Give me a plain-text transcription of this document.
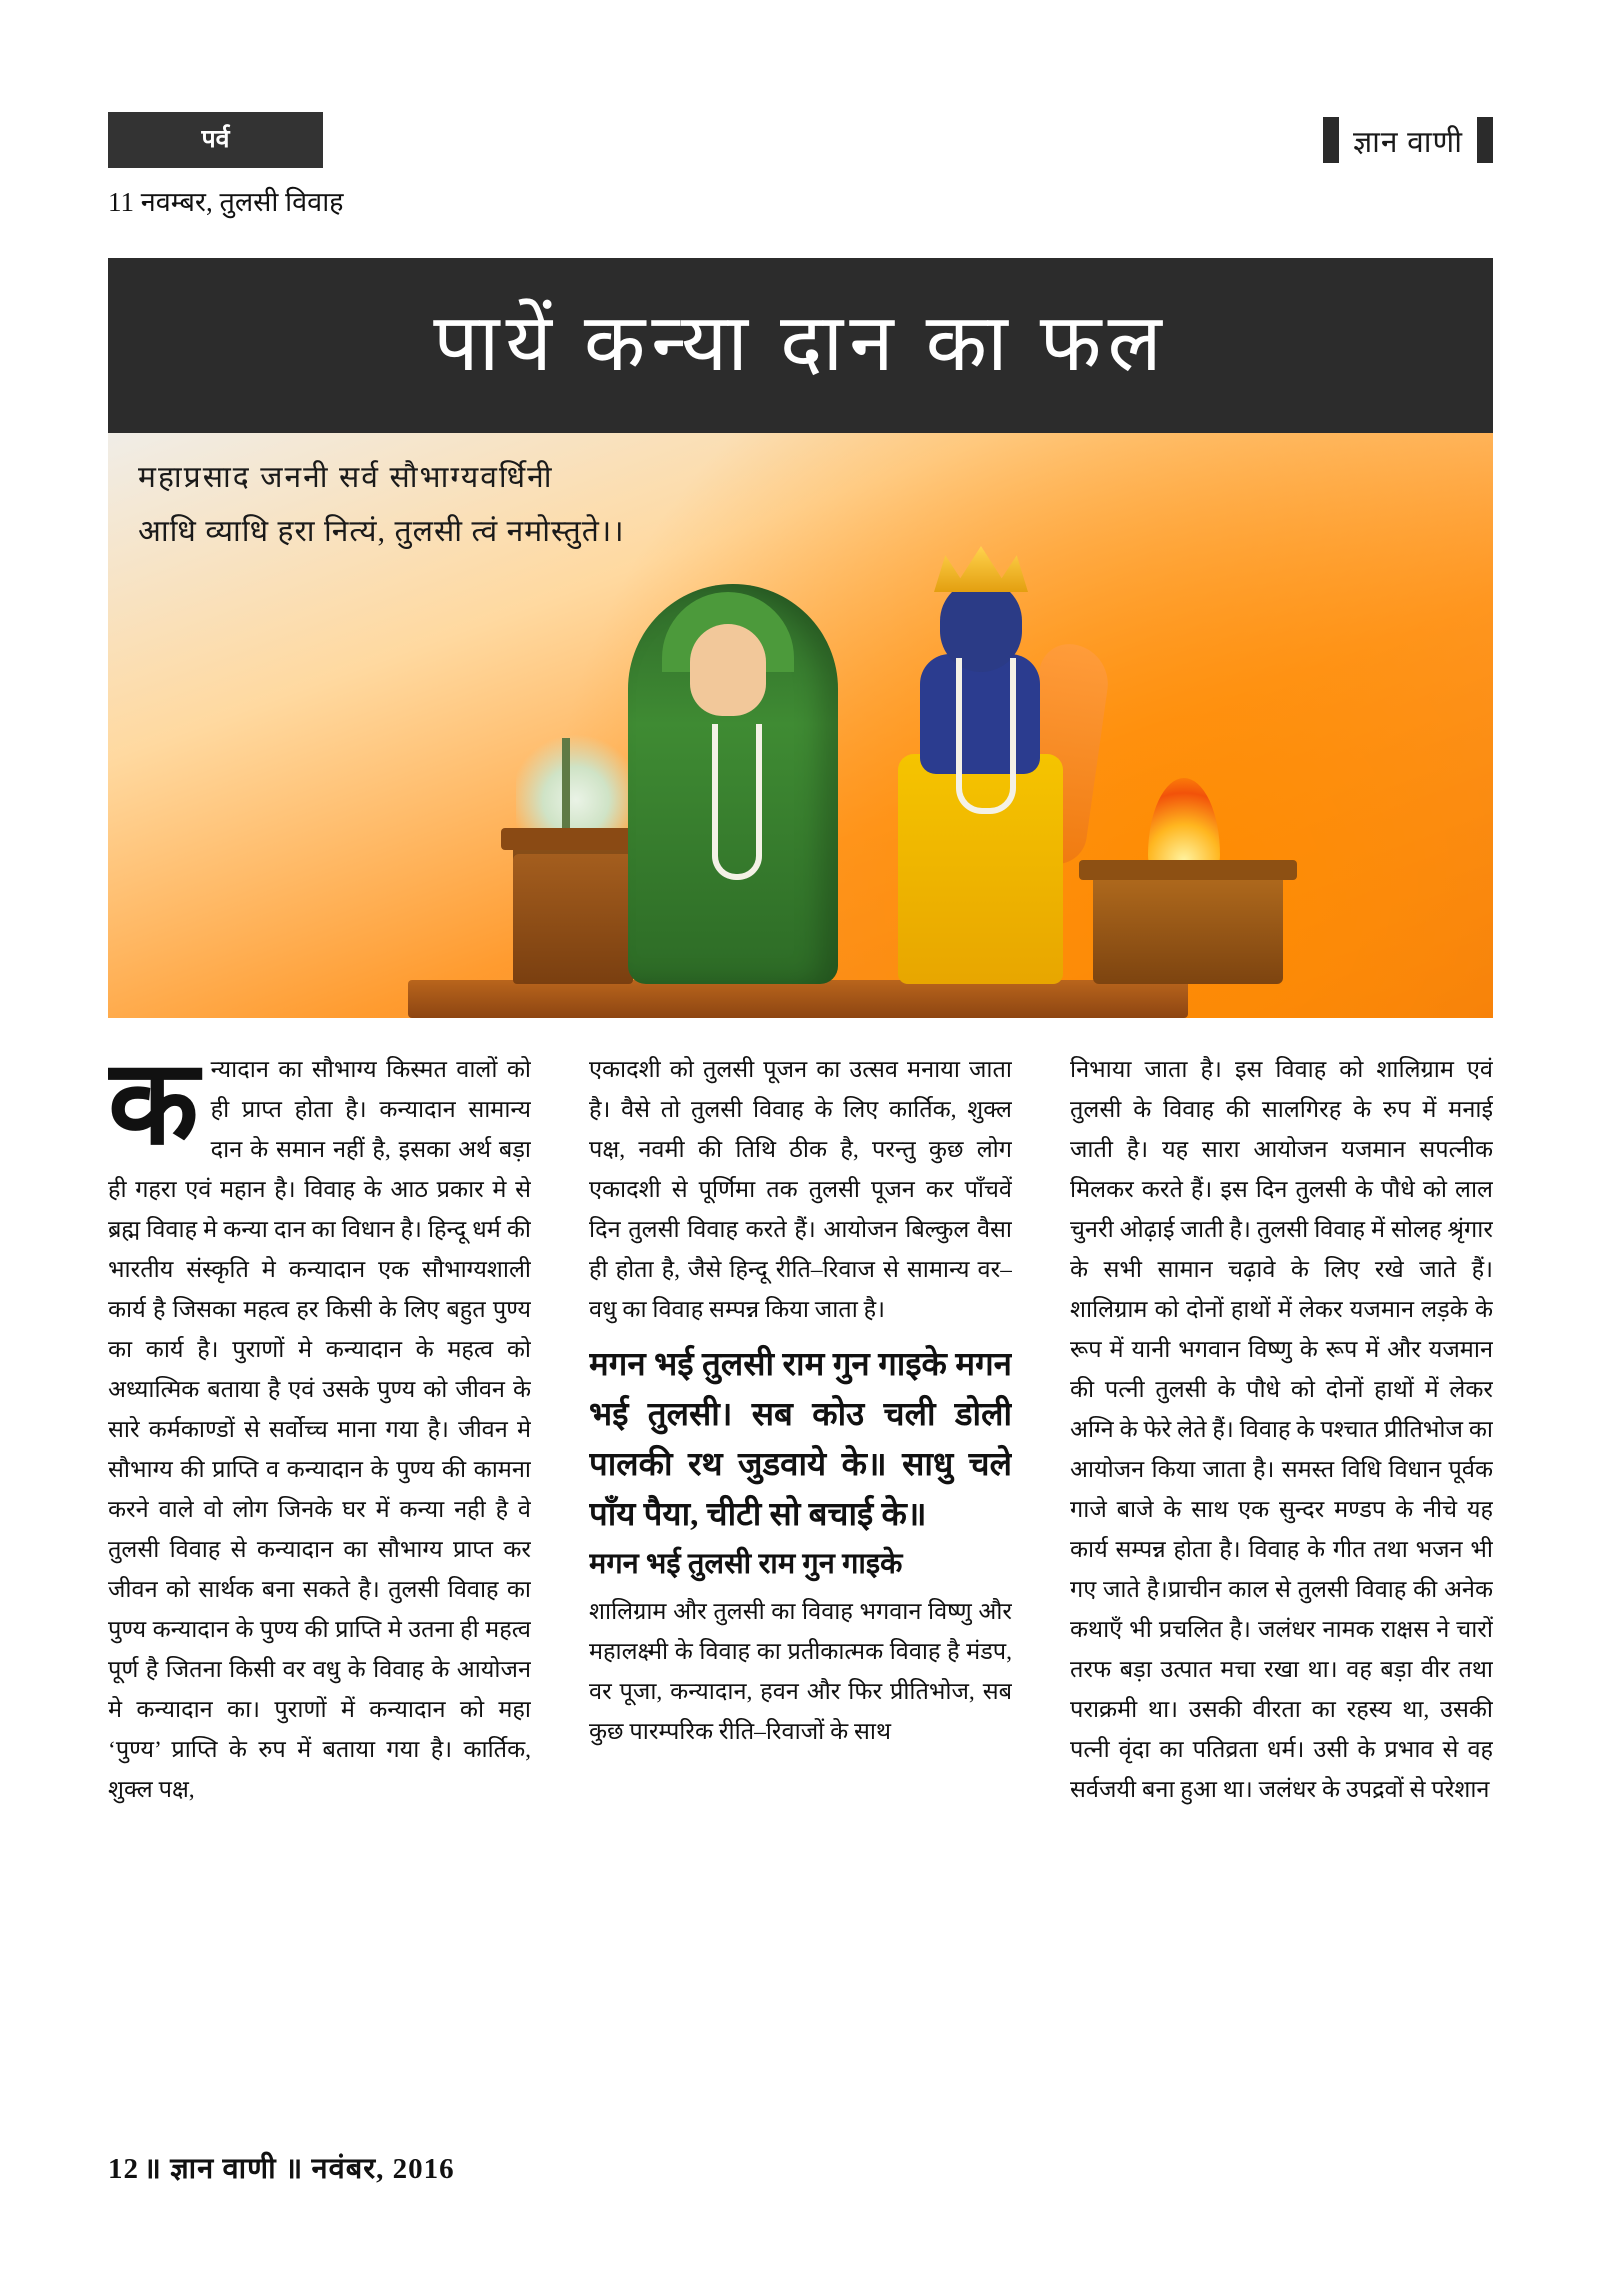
पर्व	ज्ञान वाणी
11 नवम्बर, तुलसी विवाह
पायें कन्या दान का फल
महाप्रसाद जननी सर्व सौभाग्यवर्धिनी
आधि व्याधि हरा नित्यं, तुलसी त्वं नमोस्तुते।।
कन्यादान का सौभाग्य किस्मत वालों को ही प्राप्त होता है। कन्यादान सामान्य दान के समान नहीं है, इसका अर्थ बड़ा ही गहरा एवं महान है। विवाह के आठ प्रकार मे से ब्रह्म विवाह मे कन्या दान का विधान है। हिन्दू धर्म की भारतीय संस्कृति मे कन्यादान एक सौभाग्यशाली कार्य है जिसका महत्व हर किसी के लिए बहुत पुण्य का कार्य है। पुराणों मे कन्यादान के महत्व को अध्यात्मिक बताया है एवं उसके पुण्य को जीवन के सारे कर्मकाण्डों से सर्वोच्च माना गया है। जीवन मे सौभाग्य की प्राप्ति व कन्यादान के पुण्य की कामना करने वाले वो लोग जिनके घर में कन्या नही है वे तुलसी विवाह से कन्यादान का सौभाग्य प्राप्त कर जीवन को सार्थक बना सकते है। तुलसी विवाह का पुण्य कन्यादान के पुण्य की प्राप्ति मे उतना ही महत्व पूर्ण है जितना किसी वर वधु के विवाह के आयोजन मे कन्यादान का। पुराणों में कन्यादान को महा ‘पुण्य’ प्राप्ति के रुप में बताया गया है। कार्तिक, शुक्ल पक्ष,
एकादशी को तुलसी पूजन का उत्सव मनाया जाता है। वैसे तो तुलसी विवाह के लिए कार्तिक, शुक्ल पक्ष, नवमी की तिथि ठीक है, परन्तु कुछ लोग एकादशी से पूर्णिमा तक तुलसी पूजन कर पाँचवें दिन तुलसी विवाह करते हैं। आयोजन बिल्कुल वैसा ही होता है, जैसे हिन्दू रीति–रिवाज से सामान्य वर–वधु का विवाह सम्पन्न किया जाता है।
मगन भई तुलसी राम गुन गाइके मगन भई तुलसी। सब कोउ चली डोली पालकी रथ जुडवाये के॥ साधु चले पाँय पैया, चीटी सो बचाई के॥
मगन भई तुलसी राम गुन गाइके
शालिग्राम और तुलसी का विवाह भगवान विष्णु और महालक्ष्मी के विवाह का प्रतीकात्मक विवाह है मंडप, वर पूजा, कन्यादान, हवन और फिर प्रीतिभोज, सब कुछ पारम्परिक रीति–रिवाजों के साथ
निभाया जाता है। इस विवाह को शालिग्राम एवं तुलसी के विवाह की सालगिरह के रुप में मनाई जाती है। यह सारा आयोजन यजमान सपत्नीक मिलकर करते हैं। इस दिन तुलसी के पौधे को लाल चुनरी ओढ़ाई जाती है। तुलसी विवाह में सोलह श्रृंगार के सभी सामान चढ़ावे के लिए रखे जाते हैं। शालिग्राम को दोनों हाथों में लेकर यजमान लड़के के रूप में यानी भगवान विष्णु के रूप में और यजमान की पत्नी तुलसी के पौधे को दोनों हाथों में लेकर अग्नि के फेरे लेते हैं। विवाह के पश्चात प्रीतिभोज का आयोजन किया जाता है। समस्त विधि विधान पूर्वक गाजे बाजे के साथ एक सुन्दर मण्डप के नीचे यह कार्य सम्पन्न होता है। विवाह के गीत तथा भजन भी गए जाते है।प्राचीन काल से तुलसी विवाह की अनेक कथाएँ भी प्रचलित है। जलंधर नामक राक्षस ने चारों तरफ बड़ा उत्पात मचा रखा था। वह बड़ा वीर तथा पराक्रमी था। उसकी वीरता का रहस्य था, उसकी पत्नी वृंदा का पतिव्रता धर्म। उसी के प्रभाव से वह सर्वजयी बना हुआ था। जलंधर के उपद्रवों से परेशान
12 ॥ ज्ञान वाणी ॥ नवंबर, 2016
